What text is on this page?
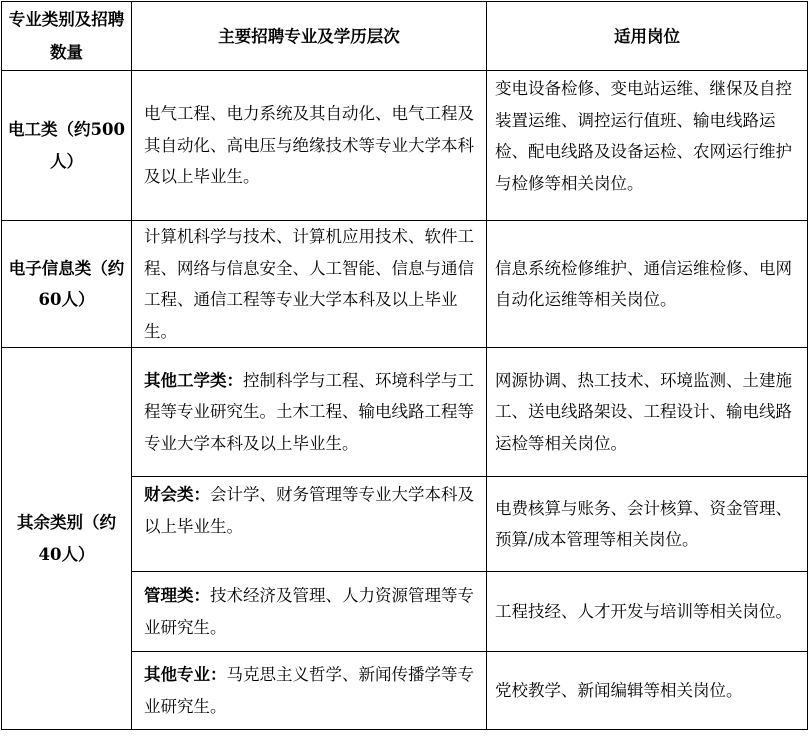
专业类别及招聘数量	主要招聘专业及学历层次	适用岗位
电工类（约500人）	电气工程、电力系统及其自动化、电气工程及其自动化、高电压与绝缘技术等专业大学本科及以上毕业生。	变电设备检修、变电站运维、继保及自控装置运维、调控运行值班、输电线路运检、配电线路及设备运检、农网运行维护与检修等相关岗位。
电子信息类（约60人）	计算机科学与技术、计算机应用技术、软件工程、网络与信息安全、人工智能、信息与通信工程、通信工程等专业大学本科及以上毕业生。	信息系统检修维护、通信运维检修、电网自动化运维等相关岗位。
其余类别（约40人）	其他工学类：控制科学与工程、环境科学与工程等专业研究生。土木工程、输电线路工程等专业大学本科及以上毕业生。	网源协调、热工技术、环境监测、土建施工、送电线路架设、工程设计、输电线路运检等相关岗位。
	财会类：会计学、财务管理等专业大学本科及以上毕业生。	电费核算与账务、会计核算、资金管理、预算/成本管理等相关岗位。
	管理类：技术经济及管理、人力资源管理等专业研究生。	工程技经、人才开发与培训等相关岗位。
	其他专业：马克思主义哲学、新闻传播学等专业研究生。	党校教学、新闻编辑等相关岗位。
